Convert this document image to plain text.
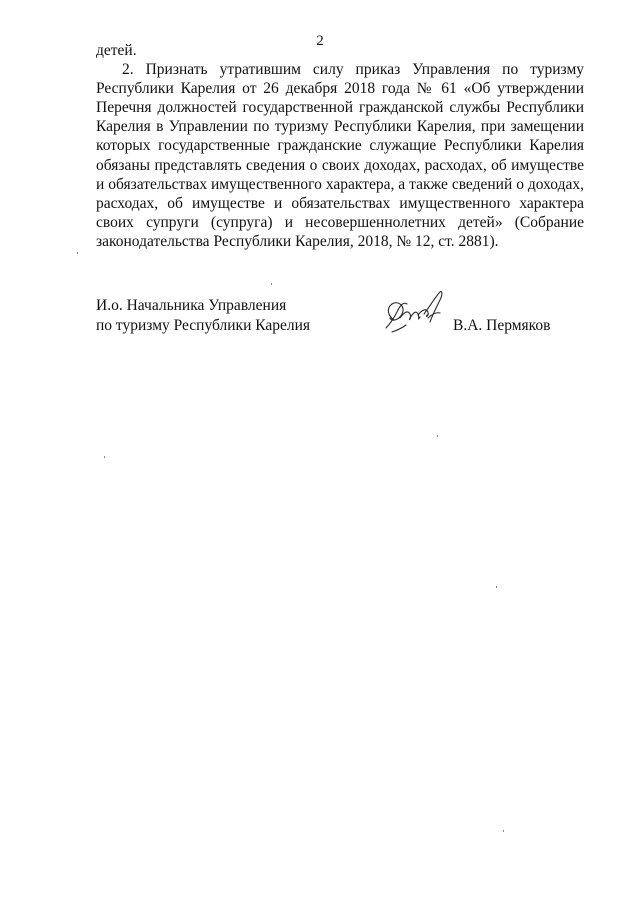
2

детей.

2. Признать утратившим силу приказ Управления по туризму Республики Карелия от 26 декабря 2018 года № 61 «Об утверждении Перечня должностей государственной гражданской службы Республики Карелия в Управлении по туризму Республики Карелия, при замещении которых государственные гражданские служащие Республики Карелия обязаны представлять сведения о своих доходах, расходах, об имуществе и обязательствах имущественного характера, а также сведений о доходах, расходах, об имуществе и обязательствах имущественного характера своих супруги (супруга) и несовершеннолетних детей» (Собрание законодательства Республики Карелия, 2018, № 12, ст. 2881).

И.о. Начальника Управления
по туризму Республики Карелия	В.А. Пермяков
